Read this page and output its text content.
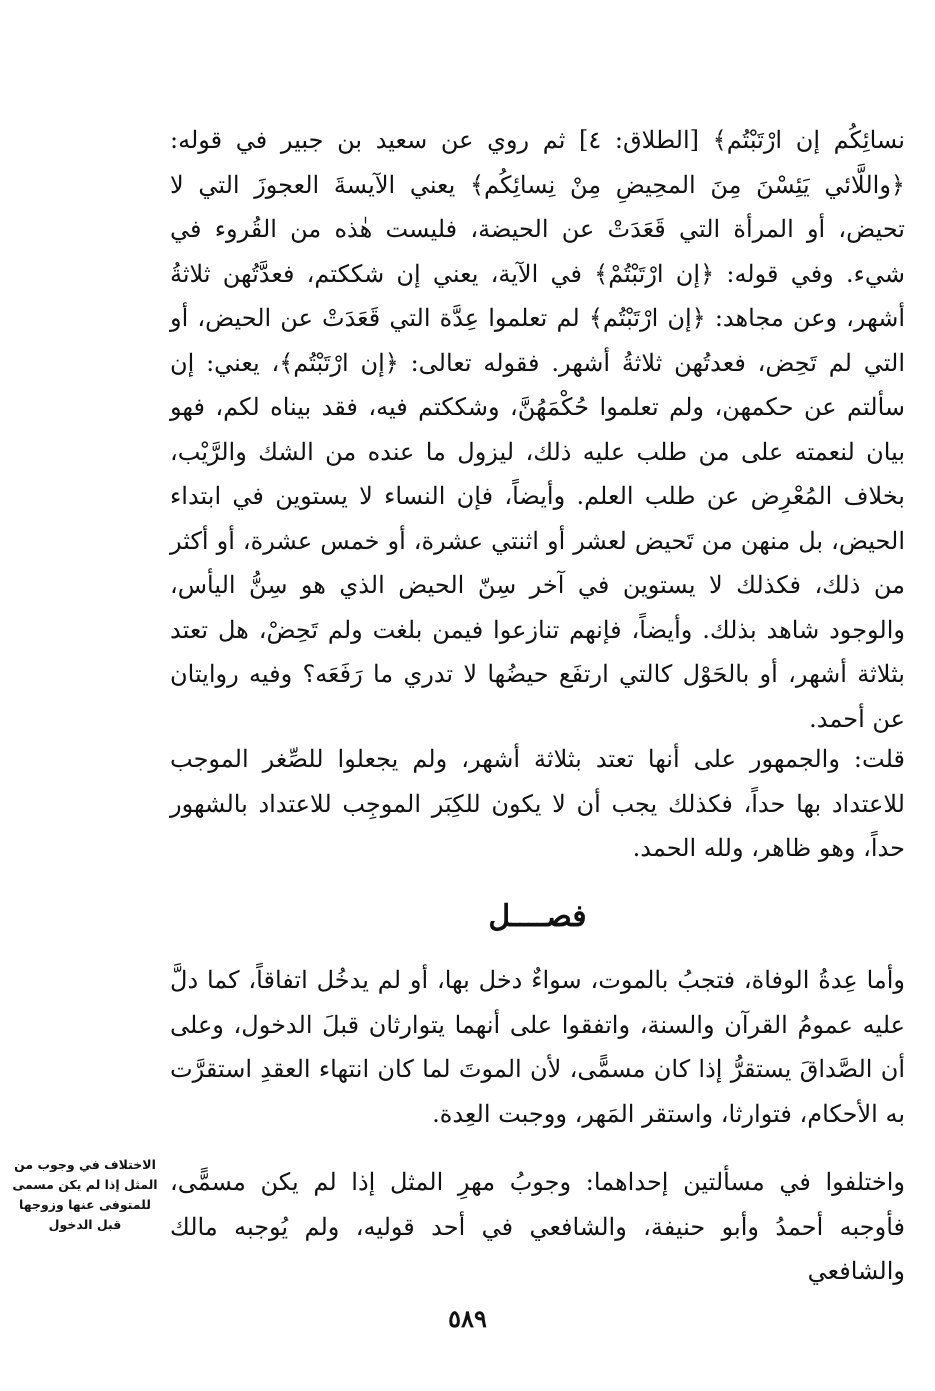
نسائِكُم إن ارْتَبْتُم﴾ [الطلاق: ٤] ثم روي عن سعيد بن جبير في قوله: ﴿واللَّائي يَئِسْنَ مِنَ المحِيضِ مِنْ نِسائِكُم﴾ يعني الآيسةَ العجوزَ التي لا تحيض، أو المرأة التي قَعَدَتْ عن الحيضة، فليست هٰذه من القُروء في شيء. وفي قوله: ﴿إن ارْتَبْتُمْ﴾ في الآية، يعني إن شككتم، فعدَّتُهن ثلاثةُ أشهر، وعن مجاهد: ﴿إن ارْتَبْتُم﴾ لم تعلموا عِدَّة التي قَعَدَتْ عن الحيض، أو التي لم تَحِض، فعدتُهن ثلاثةُ أشهر. فقوله تعالى: ﴿إن ارْتَبْتُم﴾، يعني: إن سألتم عن حكمهن، ولم تعلموا حُكْمَهُنَّ، وشككتم فيه، فقد بيناه لكم، فهو بيان لنعمته على من طلب عليه ذلك، ليزول ما عنده من الشك والرَّيْب، بخلاف المُعْرِض عن طلب العلم. وأيضاً، فإن النساء لا يستوين في ابتداء الحيض، بل منهن من تَحيض لعشر أو اثنتي عشرة، أو خمس عشرة، أو أكثر من ذلك، فكذلك لا يستوين في آخر سِنّ الحيض الذي هو سِنُّ اليأس، والوجود شاهد بذلك. وأيضاً، فإنهم تنازعوا فيمن بلغت ولم تَحِضْ، هل تعتد بثلاثة أشهر، أو بالحَوْل كالتي ارتفَع حيضُها لا تدري ما رَفَعَه؟ وفيه روايتان عن أحمد.

قلت: والجمهور على أنها تعتد بثلاثة أشهر، ولم يجعلوا للصِّغر الموجب للاعتداد بها حداً، فكذلك يجب أن لا يكون للكِبَر الموجِب للاعتداد بالشهور حداً، وهو ظاهر، ولله الحمد.

فصــــل

وأما عِدةُ الوفاة، فتجبُ بالموت، سواءٌ دخل بها، أو لم يدخُل اتفاقاً، كما دلَّ عليه عمومُ القرآن والسنة، واتفقوا على أنهما يتوارثان قبلَ الدخول، وعلى أن الصَّداقَ يستقرُّ إذا كان مسمًّى، لأن الموتَ لما كان انتهاء العقدِ استقرَّت به الأحكام، فتوارثا، واستقر المَهر، ووجبت العِدة.

واختلفوا في مسألتين إحداهما: وجوبُ مهرِ المثل إذا لم يكن مسمًّى، فأوجبه أحمدُ وأبو حنيفة، والشافعي في أحد قوليه، ولم يُوجبه مالك والشافعي

الاختلاف في وجوب من المثل إذا لم يكن مسمى للمتوفى عنها وزوجها قبل الدخول
٥٨٩
